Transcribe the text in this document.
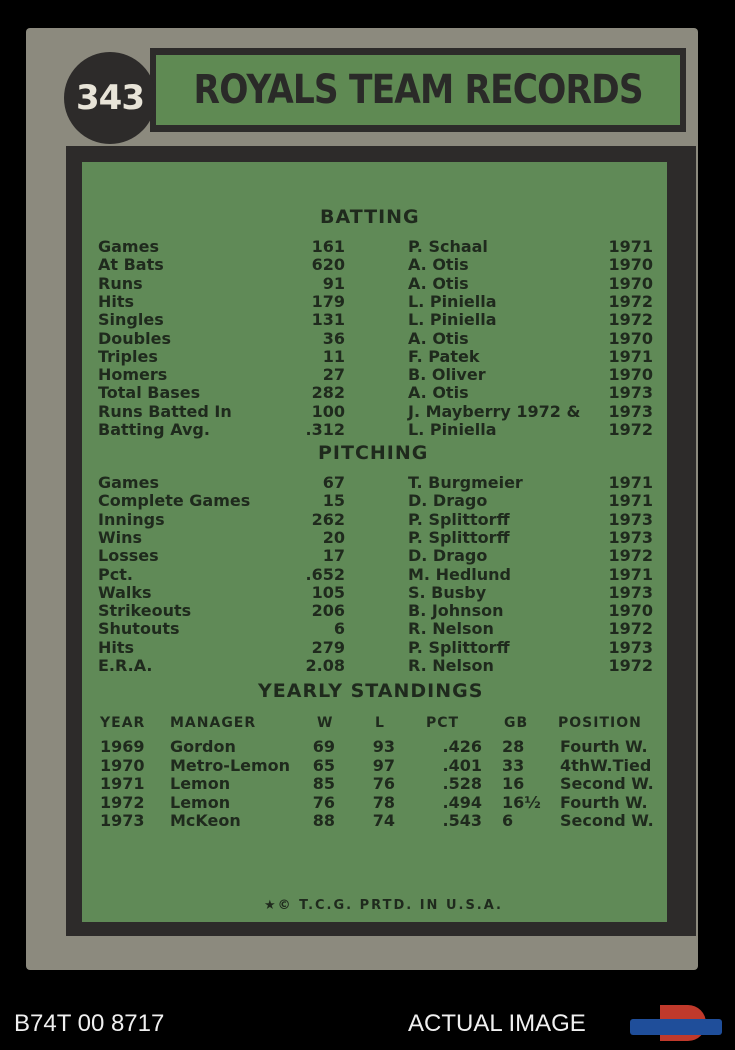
ROYALS TEAM RECORDS
343
BATTING
Games	161	P. Schaal	1971
At Bats	620	A. Otis	1970
Runs	91	A. Otis	1970
Hits	179	L. Piniella	1972
Singles	131	L. Piniella	1972
Doubles	36	A. Otis	1970
Triples	11	F. Patek	1971
Homers	27	B. Oliver	1970
Total Bases	282	A. Otis	1973
Runs Batted In	100	J. Mayberry 1972 & 1973
Batting Avg.	.312	L. Piniella	1972
PITCHING
Games	67	T. Burgmeier	1971
Complete Games	15	D. Drago	1971
Innings	262	P. Splittorff	1973
Wins	20	P. Splittorff	1973
Losses	17	D. Drago	1972
Pct.	.652	M. Hedlund	1971
Walks	105	S. Busby	1973
Strikeouts	206	B. Johnson	1970
Shutouts	6	R. Nelson	1972
Hits	279	P. Splittorff	1973
E.R.A.	2.08	R. Nelson	1972
YEARLY STANDINGS
YEAR MANAGER	W	L	PCT	GB POSITION
1969 Gordon	69 93	.426 28 Fourth W.
1970 Metro-Lemon 65 97	.401 33 4thW.Tied
1971 Lemon	85 76	.528 16 Second W.
1972 Lemon	76 78	.494 16½ Fourth W.
1973 McKeon	88 74	.543 6	Second W.
★© T.C.G. PRTD. IN U.S.A.
B74T 00 8717	ACTUAL IMAGE
